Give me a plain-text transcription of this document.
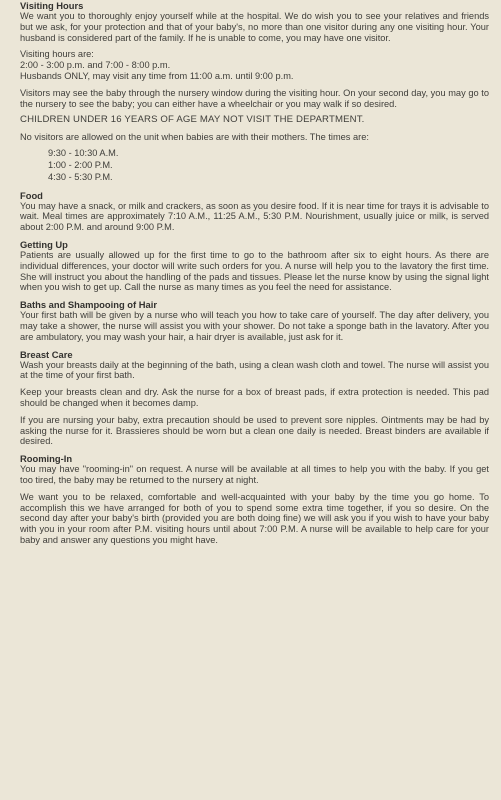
Visiting Hours

We want you to thoroughly enjoy yourself while at the hospital. We do wish you to see your relatives and friends but we ask, for your protection and that of your baby's, no more than one visitor during any one visiting hour. Your husband is considered part of the family. If he is unable to come, you may have one visitor.

Visiting hours are:
2:00 - 3:00 p.m. and 7:00 - 8:00 p.m.
Husbands ONLY, may visit any time from 11:00 a.m. until 9:00 p.m.

Visitors may see the baby through the nursery window during the visiting hour. On your second day, you may go to the nursery to see the baby; you can either have a wheelchair or you may walk if so desired.

CHILDREN UNDER 16 YEARS OF AGE MAY NOT VISIT THE DEPARTMENT.

No visitors are allowed on the unit when babies are with their mothers. The times are:

9:30 - 10:30 A.M.
1:00 - 2:00 P.M.
4:30 - 5:30 P.M.
Food

You may have a snack, or milk and crackers, as soon as you desire food. If it is near time for trays it is advisable to wait. Meal times are approximately 7:10 A.M., 11:25 A.M., 5:30 P.M. Nourishment, usually juice or milk, is served about 2:00 P.M. and around 9:00 P.M.

Getting Up

Patients are usually allowed up for the first time to go to the bathroom after six to eight hours. As there are individual differences, your doctor will write such orders for you. A nurse will help you to the lavatory the first time. She will instruct you about the handling of the pads and tissues. Please let the nurse know by using the signal light when you wish to get up. Call the nurse as many times as you feel the need for assistance.

Baths and Shampooing of Hair

Your first bath will be given by a nurse who will teach you how to take care of yourself. The day after delivery, you may take a shower, the nurse will assist you with your shower. Do not take a sponge bath in the lavatory. After you are ambulatory, you may wash your hair, a hair dryer is available, just ask for it.

Breast Care

Wash your breasts daily at the beginning of the bath, using a clean wash cloth and towel. The nurse will assist you at the time of your first bath.

Keep your breasts clean and dry. Ask the nurse for a box of breast pads, if extra protection is needed. This pad should be changed when it becomes damp.

If you are nursing your baby, extra precaution should be used to prevent sore nipples. Ointments may be had by asking the nurse for it. Brassieres should be worn but a clean one daily is needed. Breast binders are available if desired.

Rooming-In

You may have "rooming-in" on request. A nurse will be available at all times to help you with the baby. If you get too tired, the baby may be returned to the nursery at night.

We want you to be relaxed, comfortable and well-acquainted with your baby by the time you go home. To accomplish this we have arranged for both of you to spend some extra time together, if you so desire. On the second day after your baby's birth (provided you are both doing fine) we will ask you if you wish to have your baby with you in your room after P.M. visiting hours until about 7:00 P.M. A nurse will be available to help care for your baby and answer any questions you might have.
